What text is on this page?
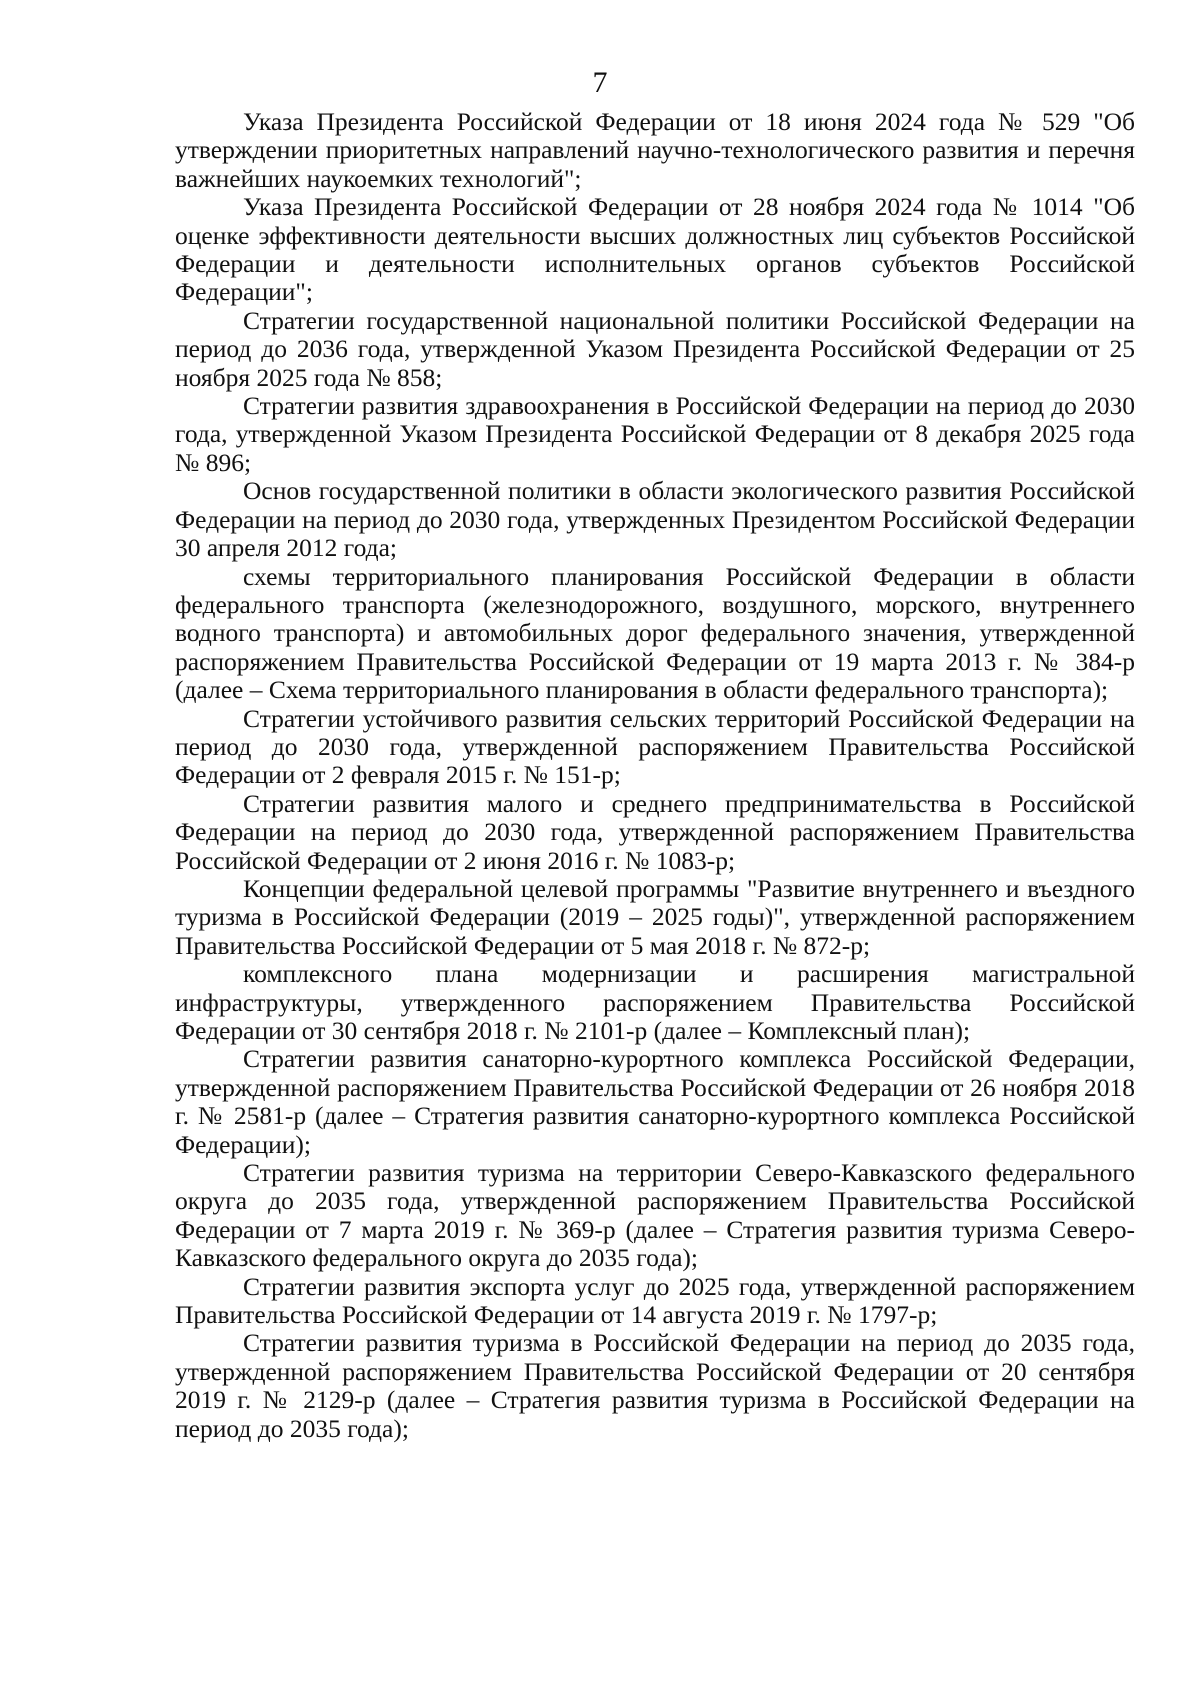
7

Указа Президента Российской Федерации от 18 июня 2024 года № 529 "Об утверждении приоритетных направлений научно-технологического развития и перечня важнейших наукоемких технологий";

Указа Президента Российской Федерации от 28 ноября 2024 года № 1014 "Об оценке эффективности деятельности высших должностных лиц субъектов Российской Федерации и деятельности исполнительных органов субъектов Российской Федерации";

Стратегии государственной национальной политики Российской Федерации на период до 2036 года, утвержденной Указом Президента Российской Федерации от 25 ноября 2025 года № 858;

Стратегии развития здравоохранения в Российской Федерации на период до 2030 года, утвержденной Указом Президента Российской Федерации от 8 декабря 2025 года № 896;

Основ государственной политики в области экологического развития Российской Федерации на период до 2030 года, утвержденных Президентом Российской Федерации 30 апреля 2012 года;

схемы территориального планирования Российской Федерации в области федерального транспорта (железнодорожного, воздушного, морского, внутреннего водного транспорта) и автомобильных дорог федерального значения, утвержденной распоряжением Правительства Российской Федерации от 19 марта 2013 г. № 384-р (далее – Схема территориального планирования в области федерального транспорта);

Стратегии устойчивого развития сельских территорий Российской Федерации на период до 2030 года, утвержденной распоряжением Правительства Российской Федерации от 2 февраля 2015 г. № 151-р;

Стратегии развития малого и среднего предпринимательства в Российской Федерации на период до 2030 года, утвержденной распоряжением Правительства Российской Федерации от 2 июня 2016 г. № 1083-р;

Концепции федеральной целевой программы "Развитие внутреннего и въездного туризма в Российской Федерации (2019 – 2025 годы)", утвержденной распоряжением Правительства Российской Федерации от 5 мая 2018 г. № 872-р;

комплексного плана модернизации и расширения магистральной инфраструктуры, утвержденного распоряжением Правительства Российской Федерации от 30 сентября 2018 г. № 2101-р (далее – Комплексный план);

Стратегии развития санаторно-курортного комплекса Российской Федерации, утвержденной распоряжением Правительства Российской Федерации от 26 ноября 2018 г. № 2581-р (далее – Стратегия развития санаторно-курортного комплекса Российской Федерации);

Стратегии развития туризма на территории Северо-Кавказского федерального округа до 2035 года, утвержденной распоряжением Правительства Российской Федерации от 7 марта 2019 г. № 369-р (далее – Стратегия развития туризма Северо-Кавказского федерального округа до 2035 года);

Стратегии развития экспорта услуг до 2025 года, утвержденной распоряжением Правительства Российской Федерации от 14 августа 2019 г. № 1797-р;

Стратегии развития туризма в Российской Федерации на период до 2035 года, утвержденной распоряжением Правительства Российской Федерации от 20 сентября 2019 г. № 2129-р (далее – Стратегия развития туризма в Российской Федерации на период до 2035 года);
